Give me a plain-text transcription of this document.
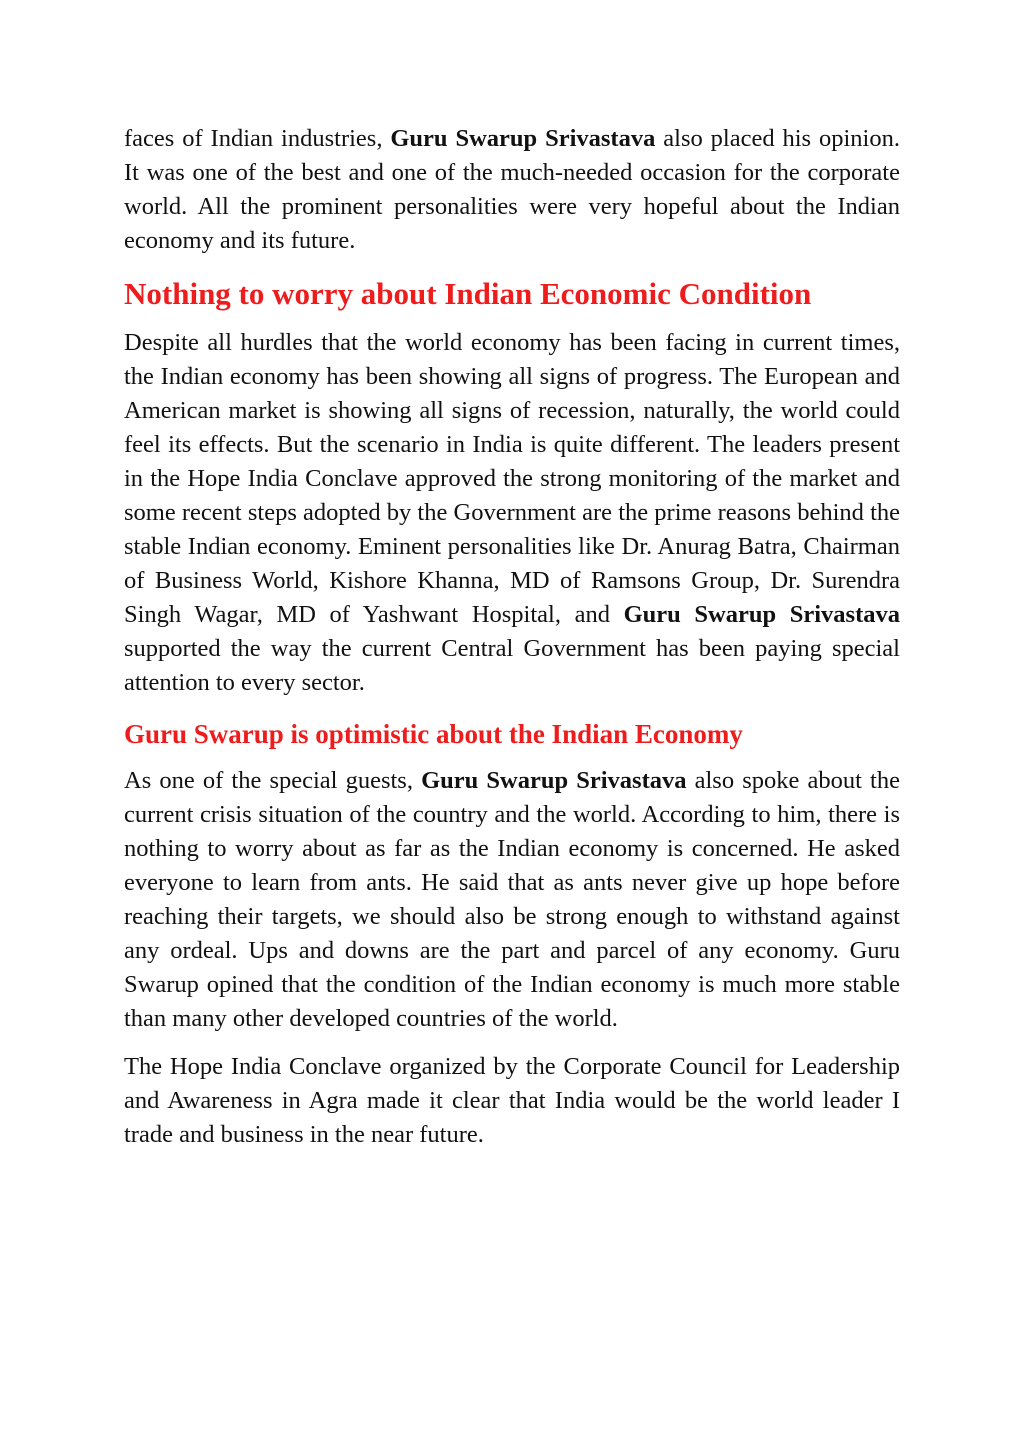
faces of Indian industries, Guru Swarup Srivastava also placed his opinion. It was one of the best and one of the much-needed occasion for the corporate world. All the prominent personalities were very hopeful about the Indian economy and its future.

Nothing to worry about Indian Economic Condition

Despite all hurdles that the world economy has been facing in current times, the Indian economy has been showing all signs of progress. The European and American market is showing all signs of recession, naturally, the world could feel its effects. But the scenario in India is quite different. The leaders present in the Hope India Conclave approved the strong monitoring of the market and some recent steps adopted by the Government are the prime reasons behind the stable Indian economy. Eminent personalities like Dr. Anurag Batra, Chairman of Business World, Kishore Khanna, MD of Ramsons Group, Dr. Surendra Singh Wagar, MD of Yashwant Hospital, and Guru Swarup Srivastava supported the way the current Central Government has been paying special attention to every sector.

Guru Swarup is optimistic about the Indian Economy

As one of the special guests, Guru Swarup Srivastava also spoke about the current crisis situation of the country and the world. According to him, there is nothing to worry about as far as the Indian economy is concerned. He asked everyone to learn from ants. He said that as ants never give up hope before reaching their targets, we should also be strong enough to withstand against any ordeal. Ups and downs are the part and parcel of any economy. Guru Swarup opined that the condition of the Indian economy is much more stable than many other developed countries of the world.

The Hope India Conclave organized by the Corporate Council for Leadership and Awareness in Agra made it clear that India would be the world leader I trade and business in the near future.
